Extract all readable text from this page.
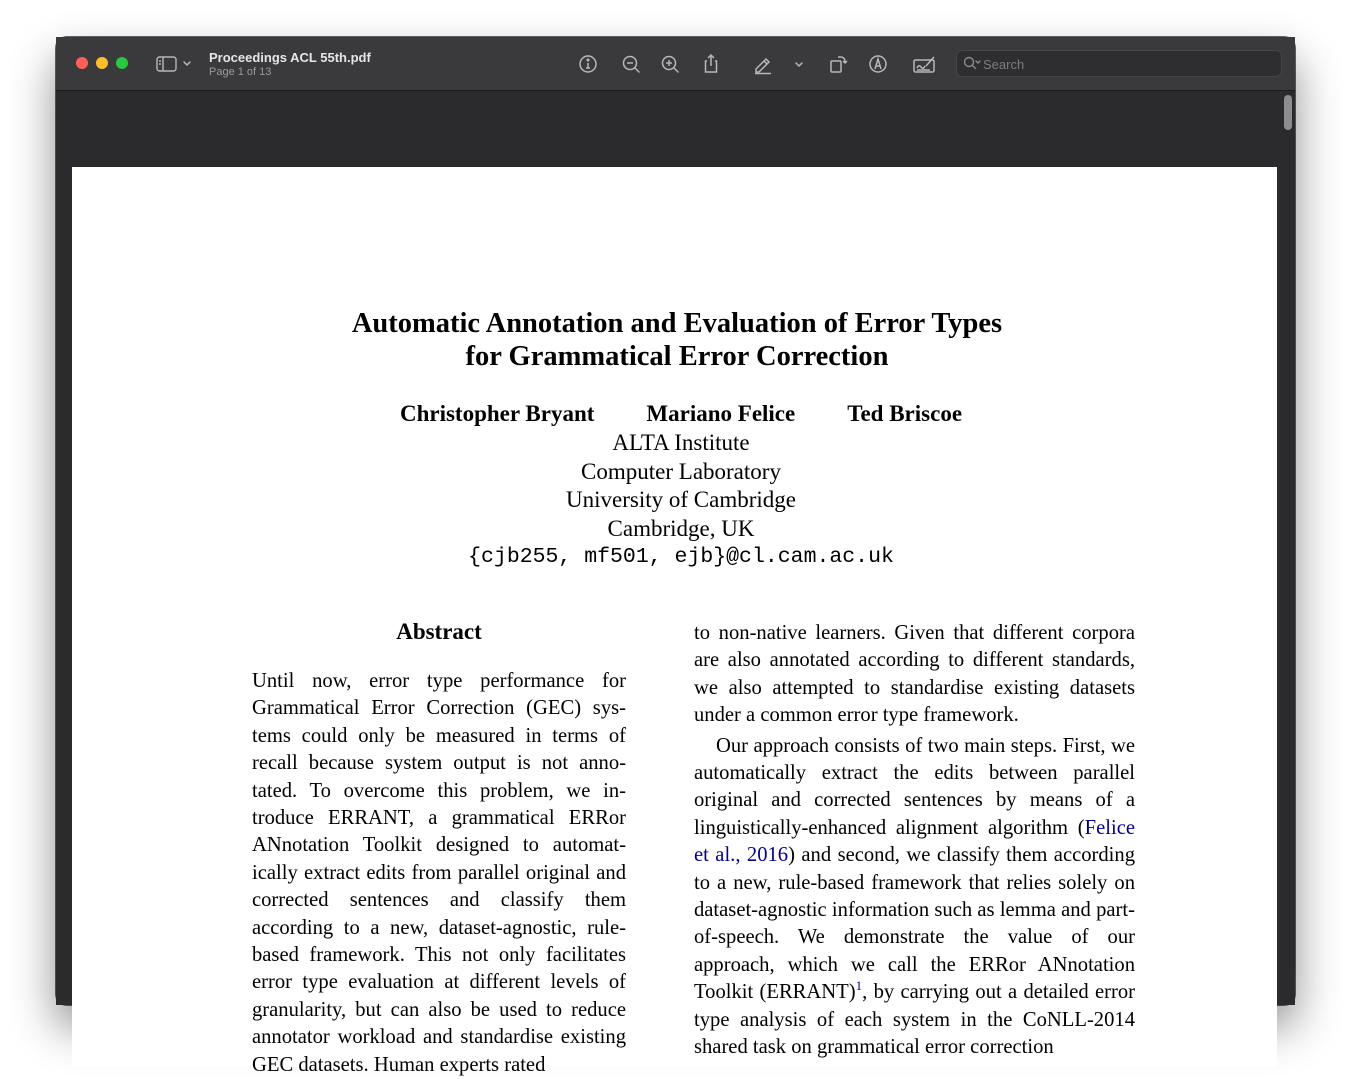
Proceedings ACL 55th.pdf
Page 1 of 13
Search
Automatic Annotation and Evaluation of Error Types
for Grammatical Error Correction
Christopher Bryant Mariano Felice Ted Briscoe
ALTA Institute
Computer Laboratory
University of Cambridge
Cambridge, UK
{cjb255, mf501, ejb}@cl.cam.ac.uk
Abstract

Until now, error type performance for Grammatical Error Correction (GEC) systems could only be measured in terms of recall because system output is not annotated. To overcome this problem, we introduce ERRANT, a grammatical ERRor ANnotation Toolkit designed to automatically extract edits from parallel original and corrected sentences and classify them according to a new, dataset-agnostic, rule-based framework. This not only facilitates error type evaluation at different levels of granularity, but can also be used to reduce annotator workload and standardise existing GEC datasets. Human experts rated

to non-native learners. Given that different corpora are also annotated according to different standards, we also attempted to standardise existing datasets under a common error type framework.

Our approach consists of two main steps. First, we automatically extract the edits between parallel original and corrected sentences by means of a linguistically-enhanced alignment algorithm (Felice et al., 2016) and second, we classify them according to a new, rule-based framework that relies solely on dataset-agnostic information such as lemma and part-of-speech. We demonstrate the value of our approach, which we call the ERRor ANnotation Toolkit (ERRANT)$^1$, by carrying out a detailed error type analysis of each system in the CoNLL-2014 shared task on grammatical error correction
